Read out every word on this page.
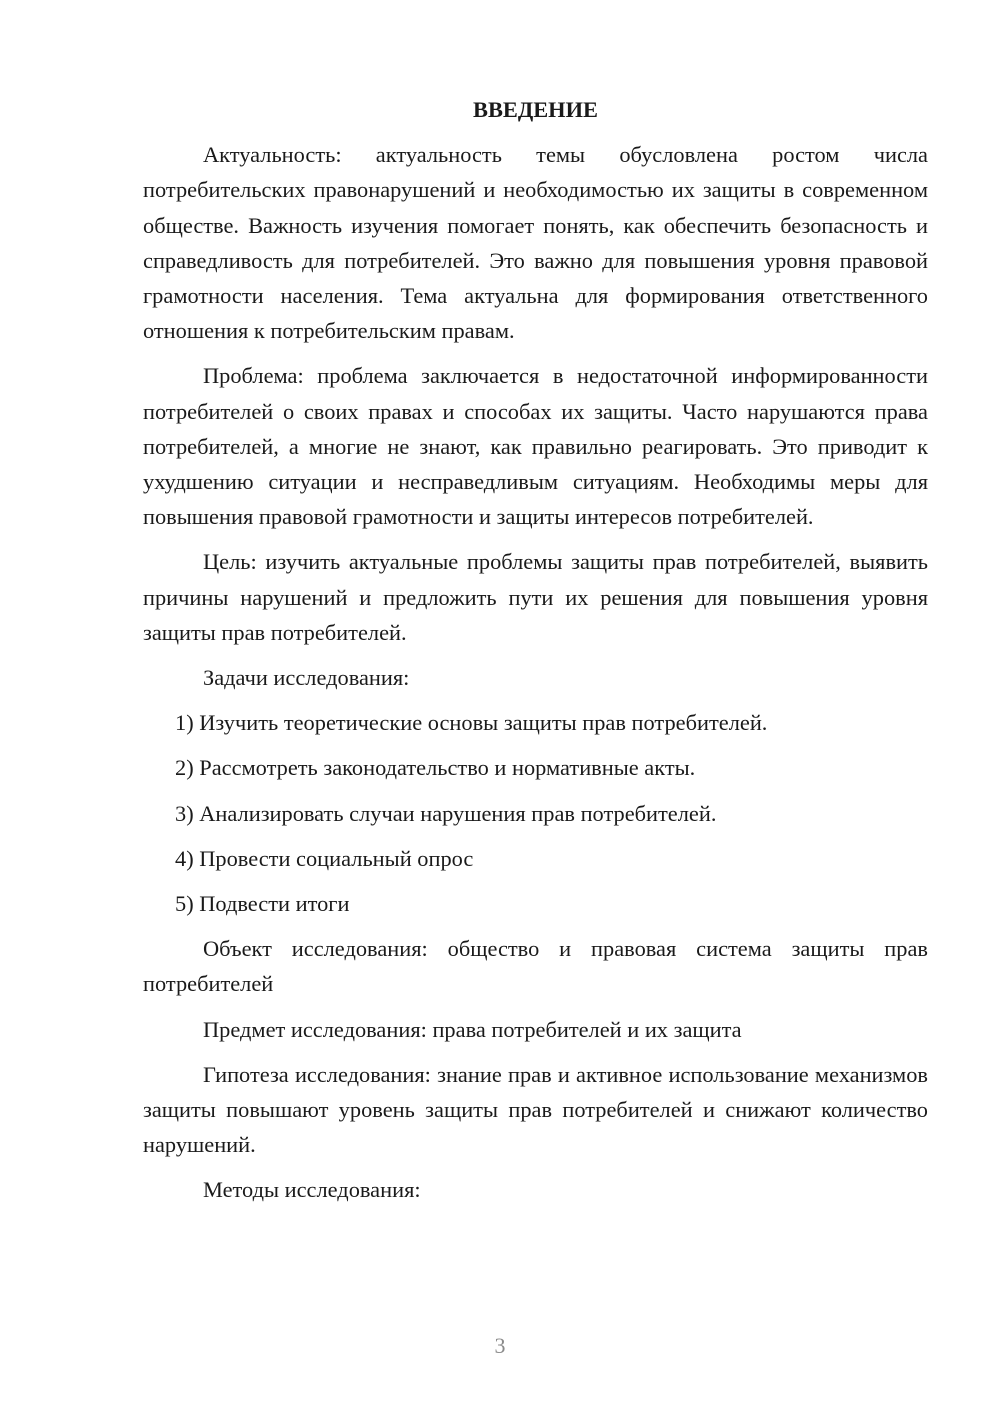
ВВЕДЕНИЕ

Актуальность: актуальность темы обусловлена ростом числа потребительских правонарушений и необходимостью их защиты в современном обществе. Важность изучения помогает понять, как обеспечить безопасность и справедливость для потребителей. Это важно для повышения уровня правовой грамотности населения. Тема актуальна для формирования ответственного отношения к потребительским правам.

Проблема: проблема заключается в недостаточной информированности потребителей о своих правах и способах их защиты. Часто нарушаются права потребителей, а многие не знают, как правильно реагировать. Это приводит к ухудшению ситуации и несправедливым ситуациям. Необходимы меры для повышения правовой грамотности и защиты интересов потребителей.

Цель: изучить актуальные проблемы защиты прав потребителей, выявить причины нарушений и предложить пути их решения для повышения уровня защиты прав потребителей.

Задачи исследования:

1) Изучить теоретические основы защиты прав потребителей.
2) Рассмотреть законодательство и нормативные акты.
3) Анализировать случаи нарушения прав потребителей.
4) Провести социальный опрос
5) Подвести итоги

Объект исследования: общество и правовая система защиты прав потребителей

Предмет исследования: права потребителей и их защита

Гипотеза исследования: знание прав и активное использование механизмов защиты повышают уровень защиты прав потребителей и снижают количество нарушений.

Методы исследования:

3
